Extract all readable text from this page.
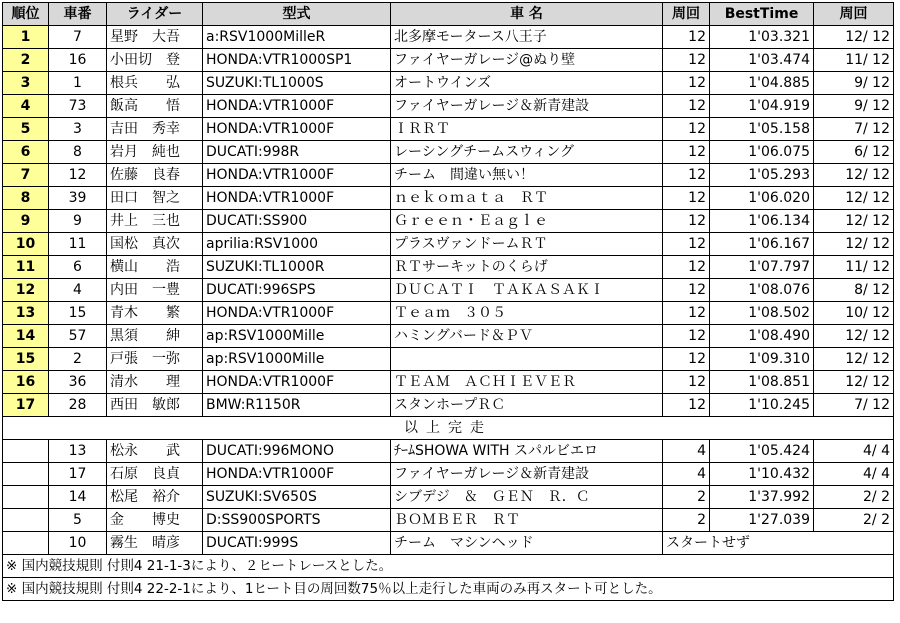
順位	車番	ライダー	型式	車 名	周回	BestTime	周回
1	7	星野　大吾	a:RSV1000MilleR	北多摩モータース八王子	12	1'03.321	12/ 12
2	16	小田切　登	HONDA:VTR1000SP1	ファイヤーガレージ@ぬり壁	12	1'03.474	11/ 12
3	1	根兵　　弘	SUZUKI:TL1000S	オートウインズ	12	1'04.885	9/ 12
4	73	飯高　　悟	HONDA:VTR1000F	ファイヤーガレージ＆新青建設	12	1'04.919	9/ 12
5	3	吉田　秀幸	HONDA:VTR1000F	ＩＲＲＴ	12	1'05.158	7/ 12
6	8	岩月　純也	DUCATI:998R	レーシングチームスウィング	12	1'06.075	6/ 12
7	12	佐藤　良春	HONDA:VTR1000F	チーム　間違い無い！	12	1'05.293	12/ 12
8	39	田口　智之	HONDA:VTR1000F	ｎｅｋｏｍａｔａ　ＲＴ	12	1'06.020	12/ 12
9	9	井上　三也	DUCATI:SS900	Ｇｒｅｅｎ・Ｅａｇｌｅ	12	1'06.134	12/ 12
10	11	国松　真次	aprilia:RSV1000	プラスヴァンドームＲＴ	12	1'06.167	12/ 12
11	6	横山　　浩	SUZUKI:TL1000R	ＲＴサーキットのくらげ	12	1'07.797	11/ 12
12	4	内田　一豊	DUCATI:996SPS	ＤＵＣＡＴＩ　ＴＡＫＡＳＡＫＩ	12	1'08.076	8/ 12
13	15	青木　　繁	HONDA:VTR1000F	Ｔｅａｍ　３０５	12	1'08.502	10/ 12
14	57	黒須　　紳	ap:RSV1000Mille	ハミングバード＆ＰＶ	12	1'08.490	12/ 12
15	2	戸張　一弥	ap:RSV1000Mille		12	1'09.310	12/ 12
16	36	清水　　理	HONDA:VTR1000F	ＴＥＡＭ　ＡＣＨＩＥＶＥＲ	12	1'08.851	12/ 12
17	28	西田　敏郎	BMW:R1150R	スタンホープＲＣ	12	1'10.245	7/ 12
以上完走							
	13	松永　　武	DUCATI:996MONO	ﾁｰﾑSHOWA WITH スパルビエロ	4	1'05.424	4/ 4
	17	石原　良貞	HONDA:VTR1000F	ファイヤーガレージ＆新青建設	4	1'10.432	4/ 4
	14	松尾　裕介	SUZUKI:SV650S	シブデジ　＆　ＧＥＮ　Ｒ．Ｃ	2	1'37.992	2/ 2
	5	金　　博史	D:SS900SPORTS	ＢＯＭＢＥＲ　ＲＴ	2	1'27.039	2/ 2
	10	霧生　晴彦	DUCATI:999S	チーム　マシンヘッド	スタートせず		
※ 国内競技規則 付則4 21-1-3により、２ヒートレースとした。							
※ 国内競技規則 付則4 22-2-1により、1ヒート目の周回数75％以上走行した車両のみ再スタート可とした。							
